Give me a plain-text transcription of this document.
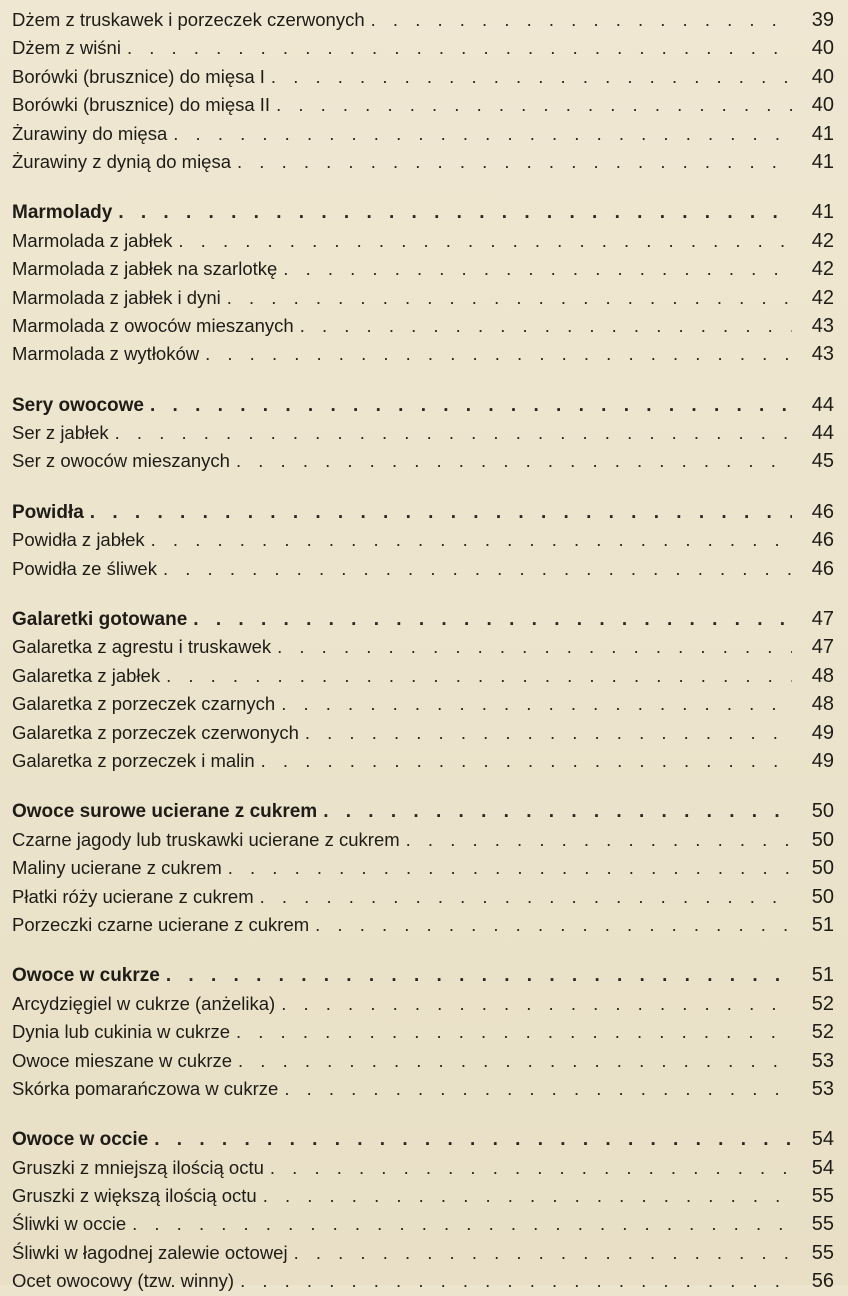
Dżem z truskawek i porzeczek czerwonych . . .	39
Dżem z wiśni . . .	40
Borówki (brusznice) do mięsa I . . .	40
Borówki (brusznice) do mięsa II . . .	40
Żurawiny do mięsa . . .	41
Żurawiny z dynią do mięsa . . .	41
Marmolady . . .	41
Marmolada z jabłek . . .	42
Marmolada z jabłek na szarlotkę . . .	42
Marmolada z jabłek i dyni . . .	42
Marmolada z owoców mieszanych . . .	43
Marmolada z wytłoków . . .	43
Sery owocowe . . .	44
Ser z jabłek . . .	44
Ser z owoców mieszanych . . .	45
Powidła . . .	46
Powidła z jabłek . . .	46
Powidła ze śliwek . . .	46
Galaretki gotowane . . .	47
Galaretka z agrestu i truskawek . . .	47
Galaretka z jabłek . . .	48
Galaretka z porzeczek czarnych . . .	48
Galaretka z porzeczek czerwonych . . .	49
Galaretka z porzeczek i malin . . .	49
Owoce surowe ucierane z cukrem . . .	50
Czarne jagody lub truskawki ucierane z cukrem . . .	50
Maliny ucierane z cukrem . . .	50
Płatki róży ucierane z cukrem . . .	50
Porzeczki czarne ucierane z cukrem . . .	51
Owoce w cukrze . . .	51
Arcydzięgiel w cukrze (anżelika) . . .	52
Dynia lub cukinia w cukrze . . .	52
Owoce mieszane w cukrze . . .	53
Skórka pomarańczowa w cukrze . . .	53
Owoce w occie . . .	54
Gruszki z mniejszą ilością octu . . .	54
Gruszki z większą ilością octu . . .	55
Śliwki w occie . . .	55
Śliwki w łagodnej zalewie octowej . . .	55
Ocet owocowy (tzw. winny) . . .	56
